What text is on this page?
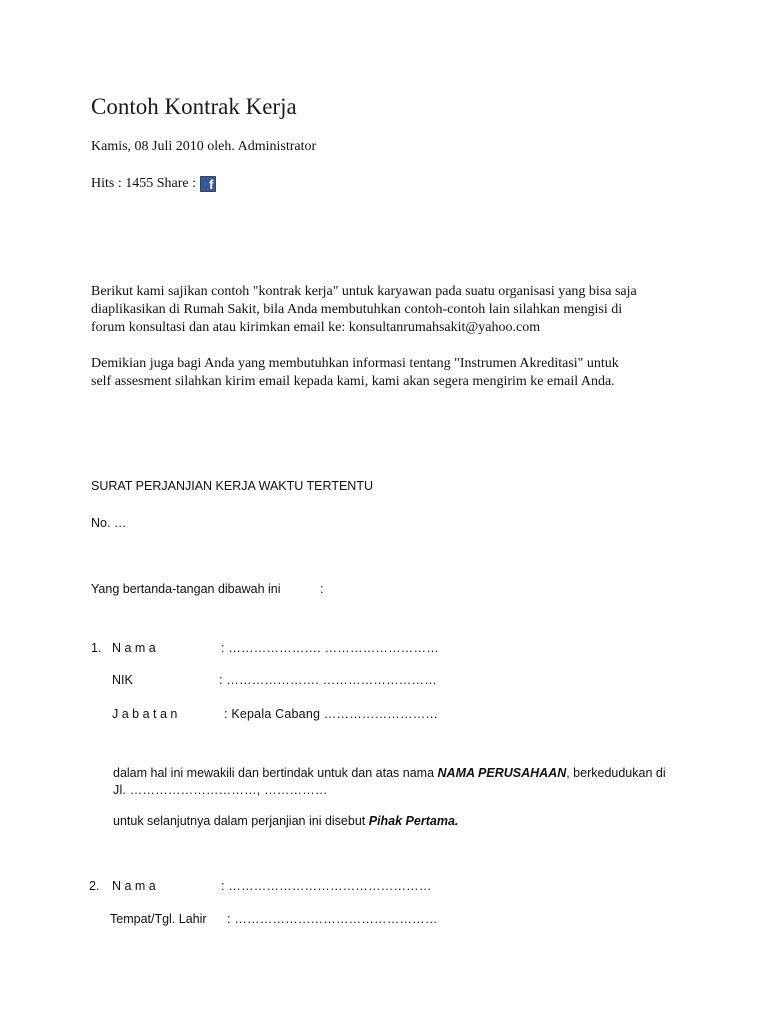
Contoh Kontrak Kerja
Kamis, 08 Juli 2010 oleh. Administrator
Hits : 1455 Share : f
Berikut kami sajikan contoh "kontrak kerja" untuk karyawan pada suatu organisasi yang bisa saja
diaplikasikan di Rumah Sakit, bila Anda membutuhkan contoh-contoh lain silahkan mengisi di
forum konsultasi dan atau kirimkan email ke: konsultanrumahsakit@yahoo.com
Demikian juga bagi Anda yang membutuhkan informasi tentang "Instrumen Akreditasi" untuk
self assesment silahkan kirim email kepada kami, kami akan segera mengirim ke email Anda.
SURAT PERJANJIAN KERJA WAKTU TERTENTU
No. …
Yang bertanda-tangan dibawah ini	:
1. N a m a	: …………………. ………………………
NIK	: …………………. ………………………
J a b a t a n	: Kepala Cabang ………………………
dalam hal ini mewakili dan bertindak untuk dan atas nama NAMA PERUSAHAAN, berkedudukan di
Jl. …………………………, ……………
untuk selanjutnya dalam perjanjian ini disebut Pihak Pertama.
2. N a m a	: …………………………………………
Tempat/Tgl. Lahir : …………………………………………
